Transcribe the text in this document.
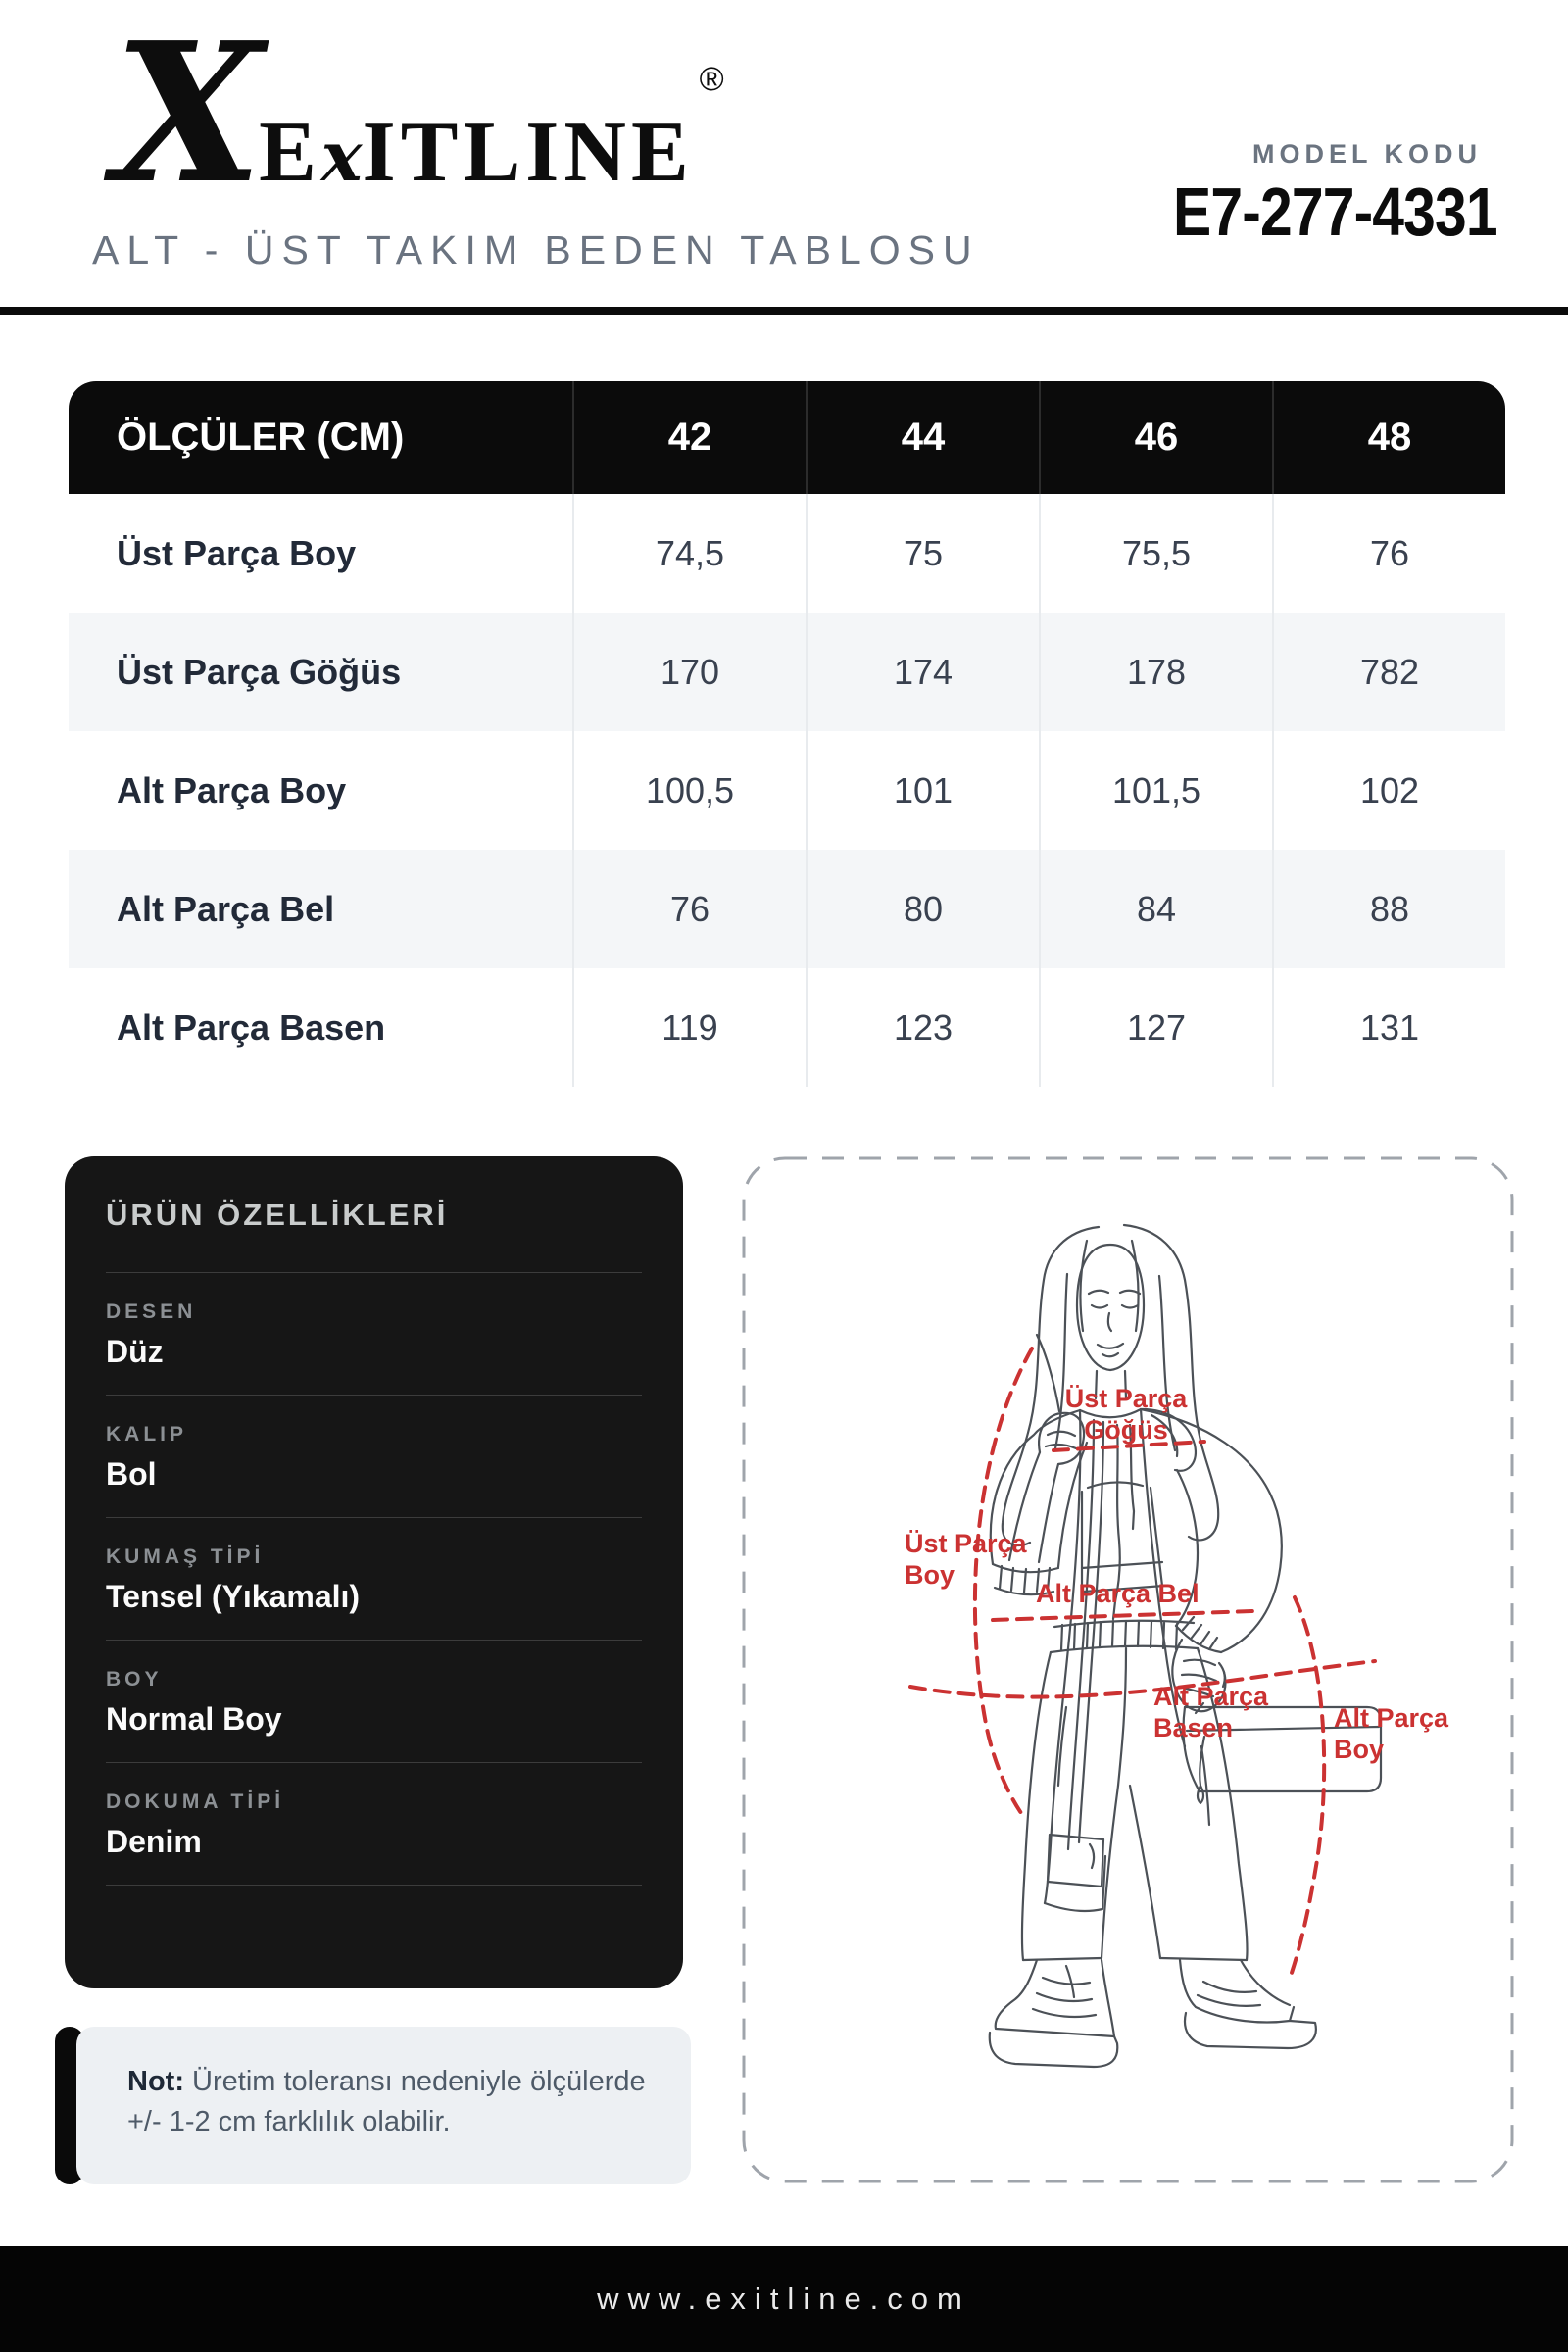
X ExITLINE
®
ALT - ÜST TAKIM BEDEN TABLOSU
MODEL KODU
E7-277-4331
ÖLÇÜLER (CM)	42	44	46	48
Üst Parça Boy	74,5	75	75,5	76
Üst Parça Göğüs	170	174	178	782
Alt Parça Boy	100,5	101	101,5	102
Alt Parça Bel	76	80	84	88
Alt Parça Basen	119	123	127	131
ÜRÜN ÖZELLİKLERİ
DESEN
Düz
KALIP
Bol
KUMAŞ TİPİ
Tensel (Yıkamalı)
BOY
Normal Boy
DOKUMA TİPİ
Denim
Üst Parça Göğüs
Üst Parça Boy
Alt Parça Bel
Alt Parça Basen	Alt Parça Boy
Not: Üretim toleransı nedeniyle ölçülerde +/- 1-2 cm farklılık olabilir.
www.exitline.com
